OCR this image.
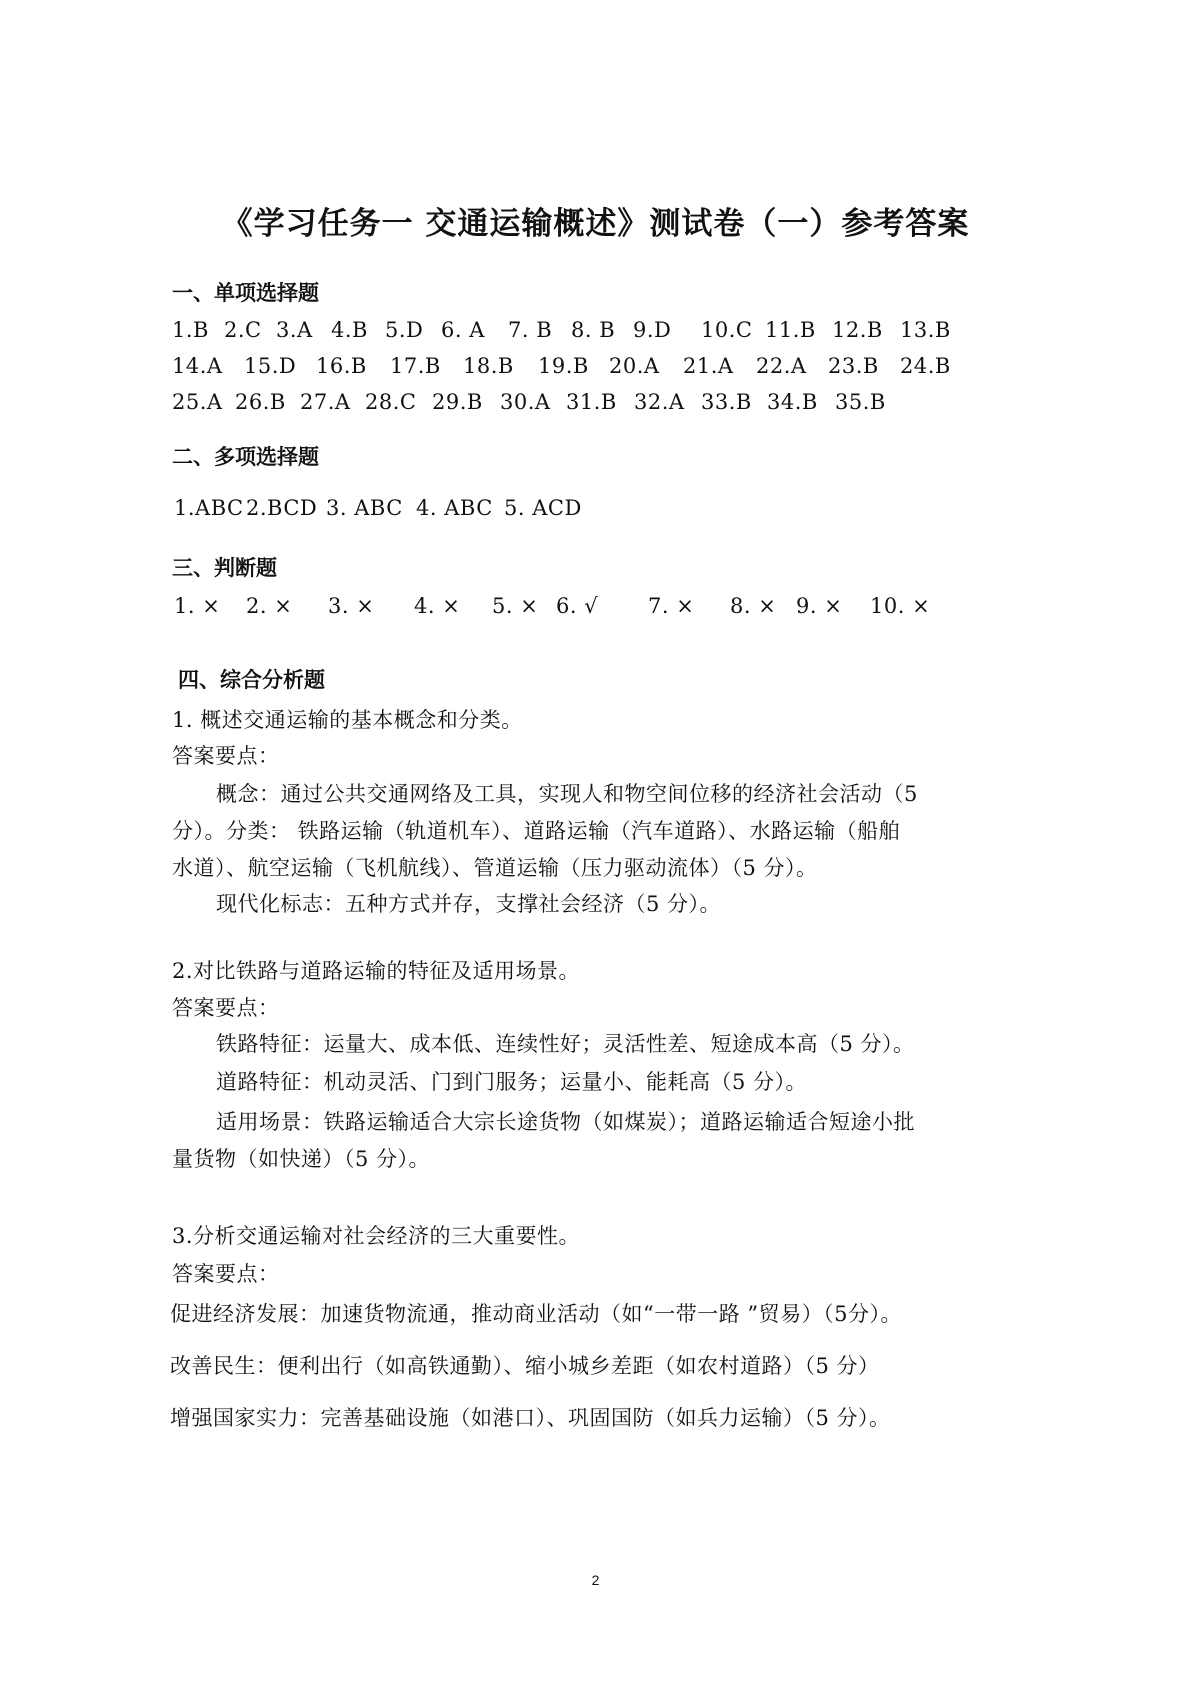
《学习任务一 交通运输概述》测试卷（一）参考答案
一、单项选择题
1.B 2.C 3.A 4.B 5.D 6. A 7. B 8. B 9.D 10.C 11.B 12.B 13.B
14.A 15.D 16.B 17.B 18.B 19.B 20.A 21.A 22.A 23.B 24.B
25.A 26.B 27.A 28.C 29.B 30.A 31.B 32.A 33.B 34.B 35.B
二、多项选择题
1.ABC 2.BCD 3. ABC 4. ABC 5. ACD
三、判断题
1. × 2. × 3. × 4. × 5. × 6. √ 7. × 8. × 9. × 10. ×
四、综合分析题
1. 概述交通运输的基本概念和分类。
答案要点：
概念：通过公共交通网络及工具，实现人和物空间位移的经济社会活动（5
分）。分类： 铁路运输（轨道机车）、道路运输（汽车道路）、水路运输（船舶
水道）、航空运输（飞机航线）、管道运输（压力驱动流体）（5 分）。
现代化标志：五种方式并存，支撑社会经济（5 分）。
2.对比铁路与道路运输的特征及适用场景。
答案要点：
铁路特征：运量大、成本低、连续性好；灵活性差、短途成本高（5 分）。
道路特征：机动灵活、门到门服务；运量小、能耗高（5 分）。
适用场景：铁路运输适合大宗长途货物（如煤炭）；道路运输适合短途小批
量货物（如快递）（5 分）。
3.分析交通运输对社会经济的三大重要性。
答案要点：
促进经济发展：加速货物流通，推动商业活动（如“一带一路 ”贸易）（5分）。
改善民生：便利出行（如高铁通勤）、缩小城乡差距（如农村道路）（5 分）
增强国家实力：完善基础设施（如港口）、巩固国防（如兵力运输）（5 分）。
2
